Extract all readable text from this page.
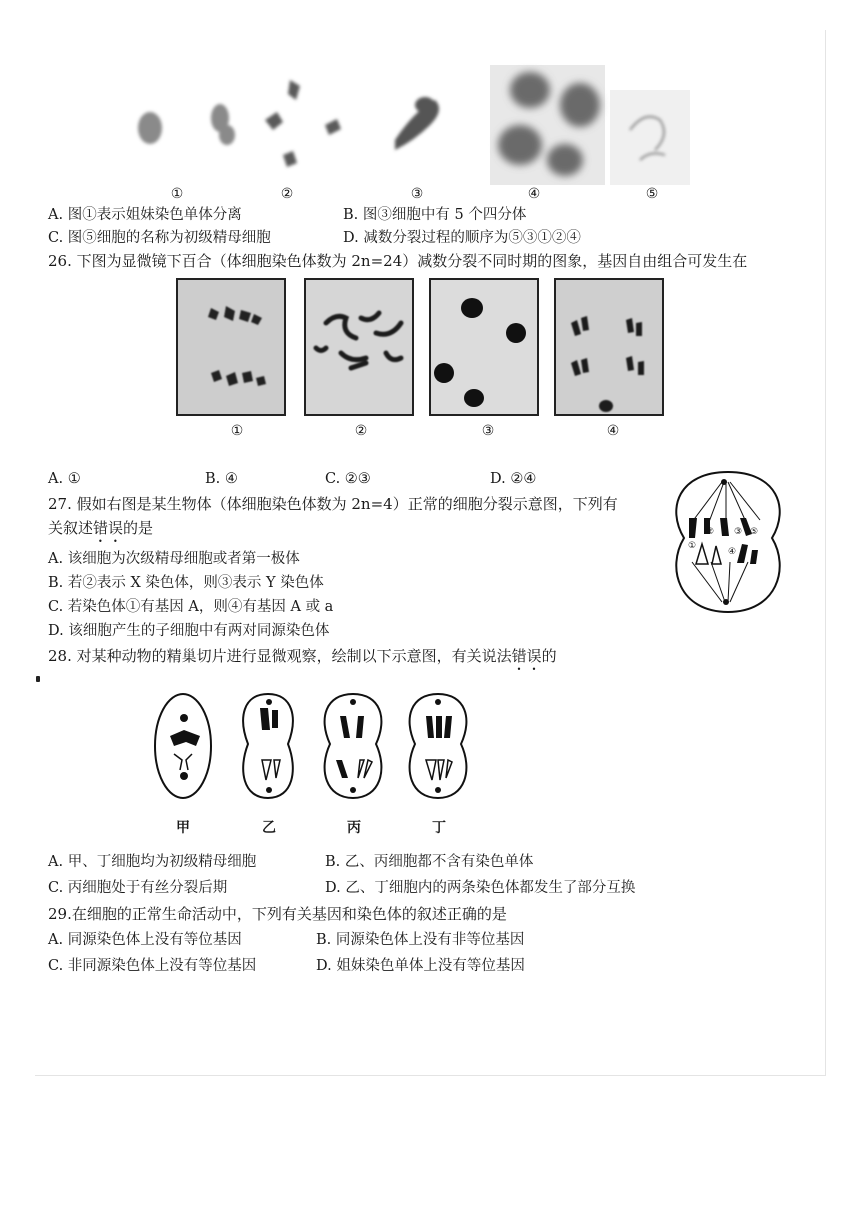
①	②	③	④	⑤
A. 图①表示姐妹染色单体分离	B. 图③细胞中有 5 个四分体
C. 图⑤细胞的名称为初级精母细胞	D. 减数分裂过程的顺序为⑤③①②④
26. 下图为显微镜下百合（体细胞染色体数为 2n=24）减数分裂不同时期的图象，基因自由组合可发生在
①	②	③	④
A. ①	B. ④	C. ②③	D. ②④
27. 假如右图是某生物体（体细胞染色体数为 2n=4）正常的细胞分裂示意图，下列有
关叙述错误的是
A. 该细胞为次级精母细胞或者第一极体
B. 若②表示 X 染色体，则③表示 Y 染色体
C. 若染色体①有基因 A，则④有基因 A 或 a
D. 该细胞产生的子细胞中有两对同源染色体
①
② ③
④
⑤
28. 对某种动物的精巢切片进行显微观察，绘制以下示意图，有关说法错误的
甲	乙	丙	丁
A. 甲、丁细胞均为初级精母细胞	B. 乙、丙细胞都不含有染色单体
C. 丙细胞处于有丝分裂后期	D. 乙、丁细胞内的两条染色体都发生了部分互换
29.在细胞的正常生命活动中，下列有关基因和染色体的叙述正确的是
A. 同源染色体上没有等位基因	B. 同源染色体上没有非等位基因
C. 非同源染色体上没有等位基因	D. 姐妹染色单体上没有等位基因
